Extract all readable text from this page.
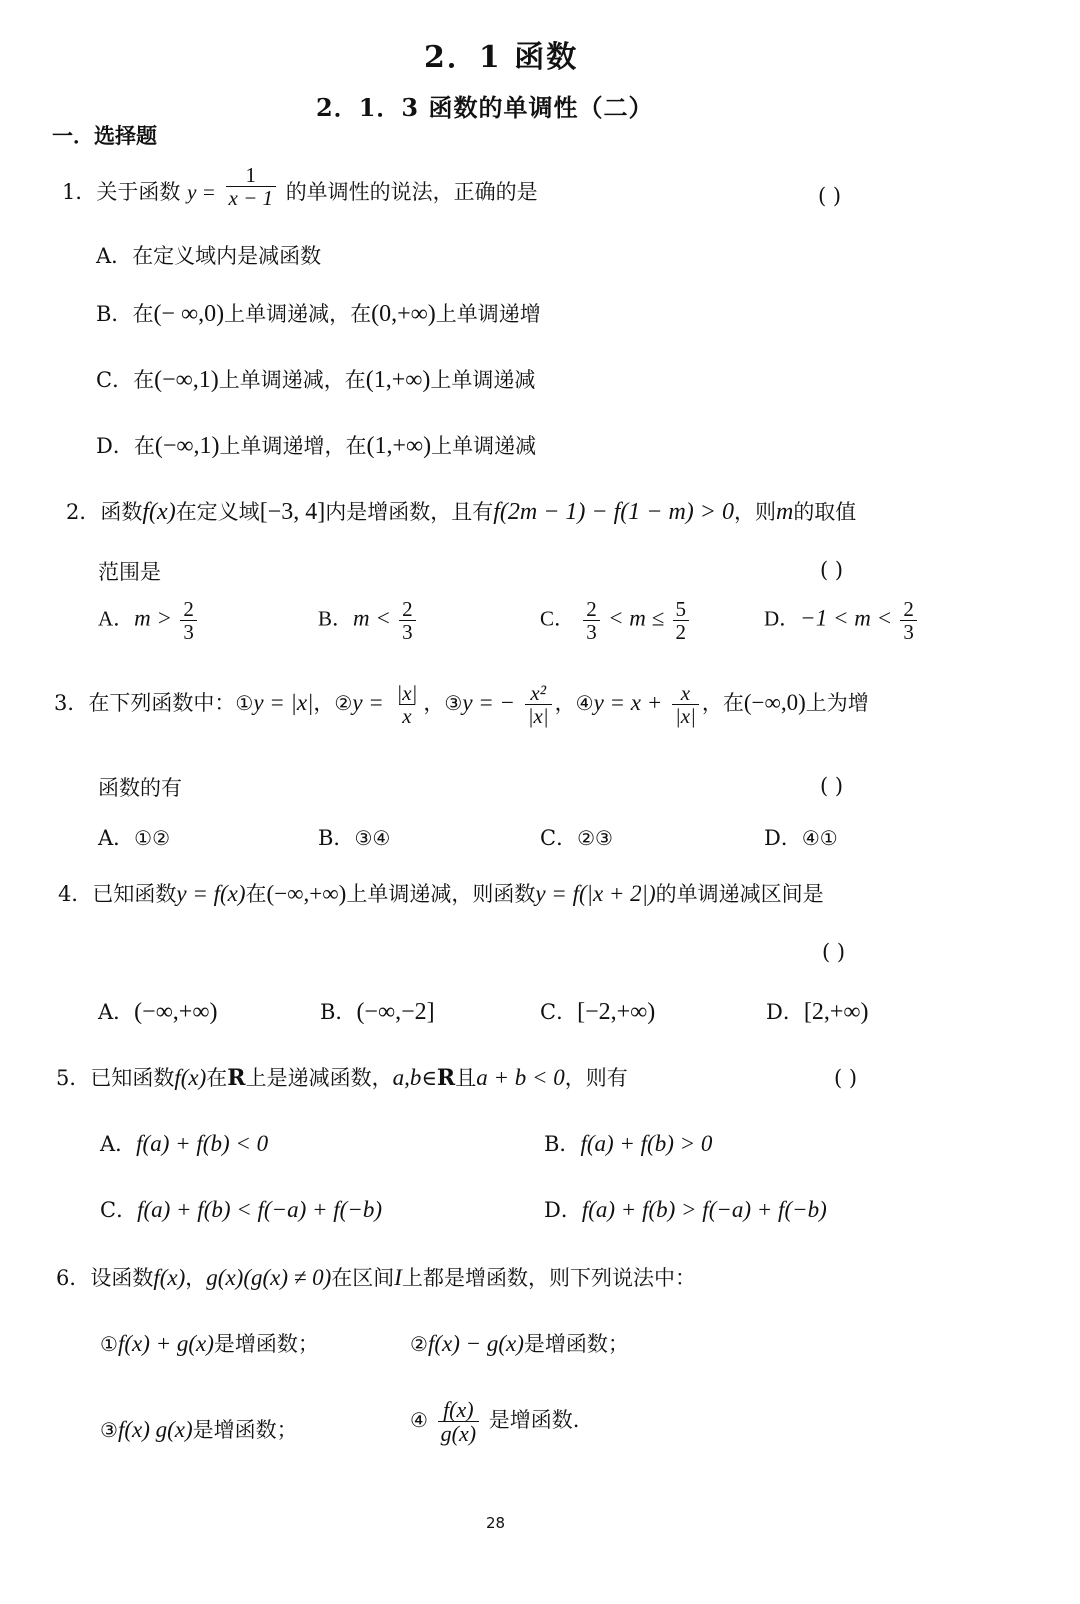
2．1 函数
2．1．3 函数的单调性（二）
一．选择题
1．关于函数 $y = \frac{1}{x - 1}$ 的单调性的说法，正确的是	( )
A．在定义域内是减函数
B．在(− ∞,0)上单调递减，在(0,+∞)上单调递增
C．在(−∞,1)上单调递减，在(1,+∞)上单调递减
D．在(−∞,1)上单调递增，在(1,+∞)上单调递减
2．函数f(x)在定义域[−3, 4]内是增函数，且有f(2m − 1) − f(1 − m) > 0，则m的取值
范围是	( )
A．$m > \frac{2}{3}$	B．$m < \frac{2}{3}$	C． $\frac{2}{3} < m \le \frac{5}{2}$	D．$-1 < m < \frac{2}{3}$
3．在下列函数中：①y = |x|，②y = $\frac{|x|}{x}$ ，③y = − $\frac{\text{x²}}{|x|}$ ，④y = $x + \frac{x}{|x|}$ ，在(−∞,0)上为增
函数的有	( )
A．①②	B．③④	C．②③	D．④①
4．已知函数y = f(x)在(−∞,+∞)上单调递减，则函数y = f(|x + 2|)的单调递减区间是
( )
A．(−∞,+∞)	B．(−∞,−2]	C．[−2,+∞)	D．[2,+∞)
5．已知函数f(x)在R上是递减函数，a,b∈R且a + b < 0，则有	( )
A．f(a) + f(b) < 0	B．f(a) + f(b) > 0
C．f(a) + f(b) < f(−a) + f(−b)	D．f(a) + f(b) > f(−a) + f(−b)
6．设函数f(x)，g(x)(g(x) ≠ 0)在区间I上都是增函数，则下列说法中：
①f(x) + g(x)是增函数；	②f(x) − g(x)是增函数；
③f(x) g(x)是增函数；	④ $\frac{f(x)}{g(x)}$ 是增函数.
28
